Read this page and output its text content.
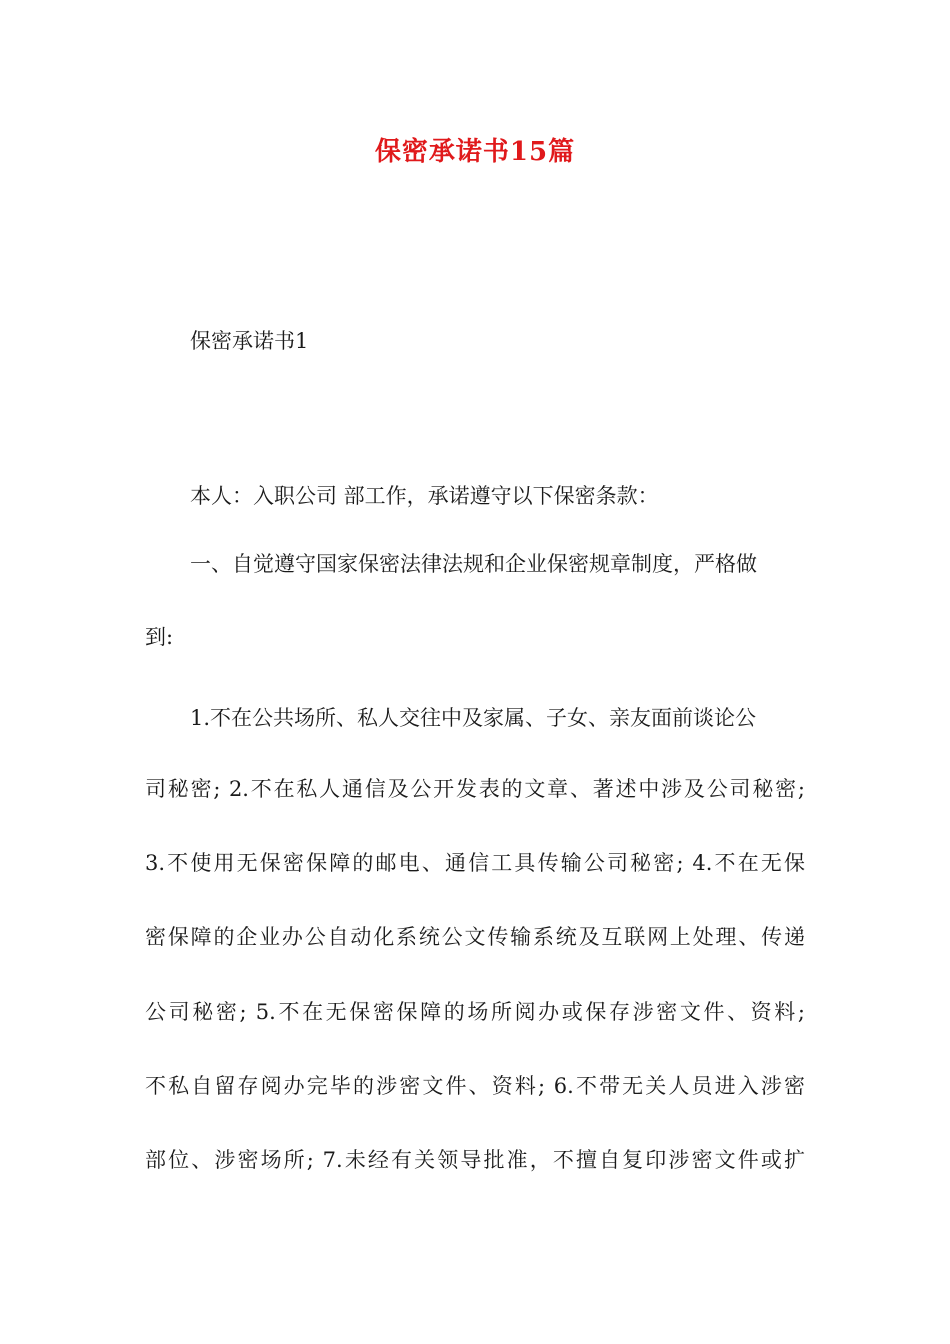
保密承诺书15篇
保密承诺书1
本人：入职公司 部工作，承诺遵守以下保密条款：
一、自觉遵守国家保密法律法规和企业保密规章制度，严格做
到:
1.不在公共场所、私人交往中及家属、子女、亲友面前谈论公
司秘密; 2.不在私人通信及公开发表的文章、著述中涉及公司秘密;
3.不使用无保密保障的邮电、通信工具传输公司秘密; 4.不在无保
密保障的企业办公自动化系统公文传输系统及互联网上处理、传递
公司秘密; 5.不在无保密保障的场所阅办或保存涉密文件、资料;
不私自留存阅办完毕的涉密文件、资料; 6.不带无关人员进入涉密
部位、涉密场所; 7.未经有关领导批准，不擅自复印涉密文件或扩
